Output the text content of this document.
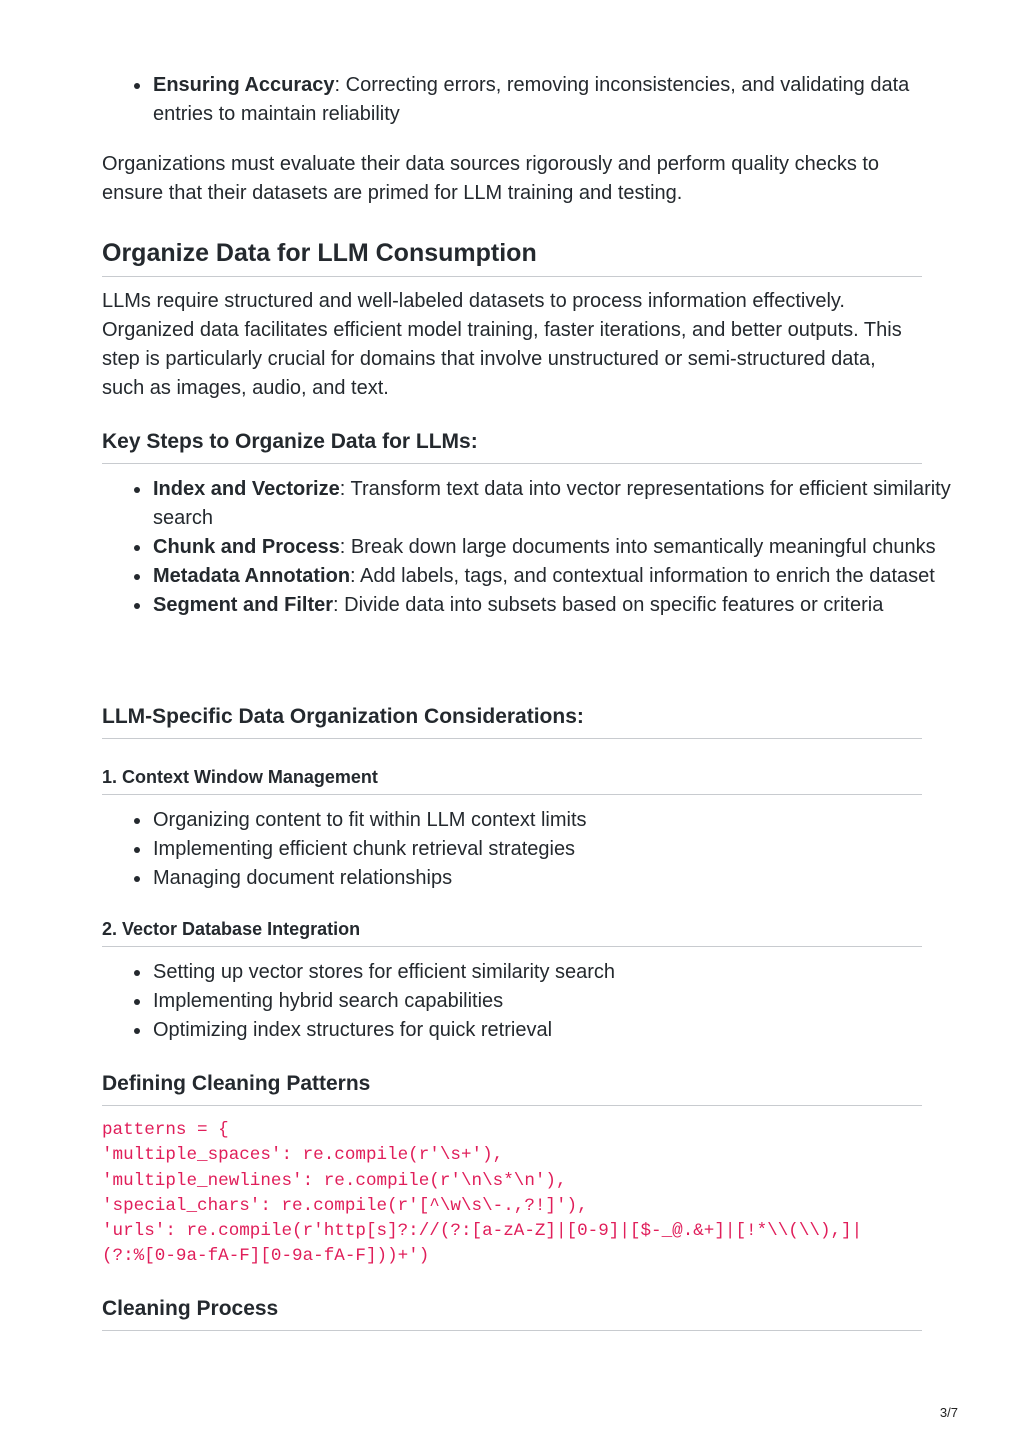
Ensuring Accuracy: Correcting errors, removing inconsistencies, and validating data entries to maintain reliability

Organizations must evaluate their data sources rigorously and perform quality checks to ensure that their datasets are primed for LLM training and testing.

Organize Data for LLM Consumption

LLMs require structured and well-labeled datasets to process information effectively. Organized data facilitates efficient model training, faster iterations, and better outputs. This step is particularly crucial for domains that involve unstructured or semi-structured data, such as images, audio, and text.

Key Steps to Organize Data for LLMs:
Index and Vectorize: Transform text data into vector representations for efficient similarity search
Chunk and Process: Break down large documents into semantically meaningful chunks
Metadata Annotation: Add labels, tags, and contextual information to enrich the dataset
Segment and Filter: Divide data into subsets based on specific features or criteria
LLM-Specific Data Organization Considerations:
1. Context Window Management
Organizing content to fit within LLM context limits
Implementing efficient chunk retrieval strategies
Managing document relationships
2. Vector Database Integration
Setting up vector stores for efficient similarity search
Implementing hybrid search capabilities
Optimizing index structures for quick retrieval
Defining Cleaning Patterns
patterns = {
'multiple_spaces': re.compile(r'\s+'),
'multiple_newlines': re.compile(r'\n\s*\n'),
'special_chars': re.compile(r'[^\w\s\-.,?!]'),
'urls': re.compile(r'http[s]?://(?:[a-zA-Z]|[0-9]|[$-_@.&+]|[!*\\(\\),]|
(?:%[0-9a-fA-F][0-9a-fA-F]))+')
Cleaning Process
3/7
